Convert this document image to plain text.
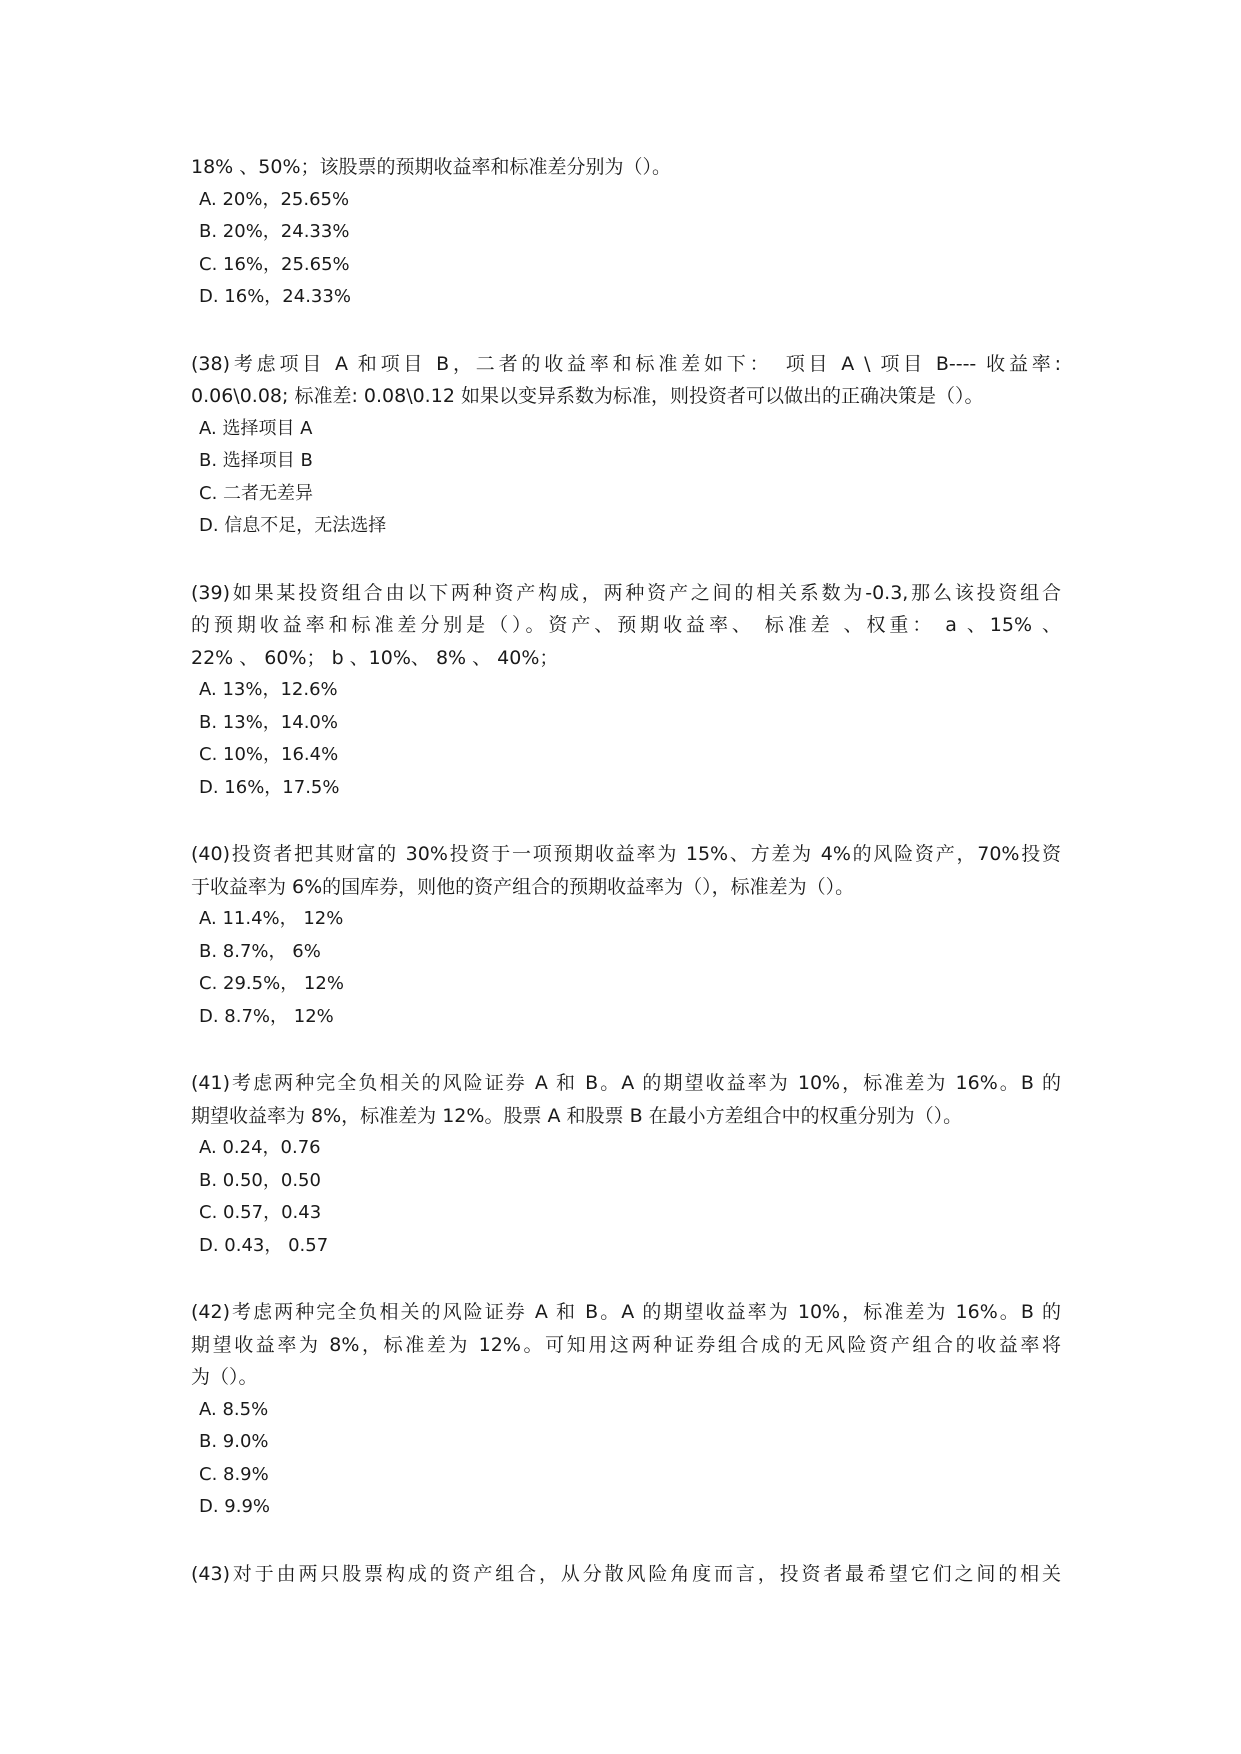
18% 、50%；该股票的预期收益率和标准差分别为（）。

A. 20%，25.65%
B. 20%，24.33%
C. 16%，25.65%
D. 16%，24.33%

(38)考虑项目 A 和项目 B，二者的收益率和标准差如下：　项目 A \ 项目 B---- 收益率:
0.06\0.08; 标准差: 0.08\0.12 如果以变异系数为标准，则投资者可以做出的正确决策是（）。

A. 选择项目 A
B. 选择项目 B
C. 二者无差异
D. 信息不足，无法选择

(39)如果某投资组合由以下两种资产构成，两种资产之间的相关系数为-0.3,那么该投资组合
的预期收益率和标准差分别是（）。资产、预期收益率、 标准差 、权重： a 、15% 、
22% 、 60%； b 、10%、 8% 、 40%；

A. 13%，12.6%
B. 13%，14.0%
C. 10%，16.4%
D. 16%，17.5%

(40)投资者把其财富的 30%投资于一项预期收益率为 15%、方差为 4%的风险资产，70%投资
于收益率为 6%的国库券，则他的资产组合的预期收益率为（），标准差为（）。

A. 11.4%， 12%
B. 8.7%， 6%
C. 29.5%， 12%
D. 8.7%， 12%

(41)考虑两种完全负相关的风险证券 A 和 B。A 的期望收益率为 10%，标准差为 16%。B 的
期望收益率为 8%，标准差为 12%。股票 A 和股票 B 在最小方差组合中的权重分别为（）。

A. 0.24，0.76
B. 0.50，0.50
C. 0.57，0.43
D. 0.43， 0.57

(42)考虑两种完全负相关的风险证券 A 和 B。A 的期望收益率为 10%，标准差为 16%。B 的
期望收益率为 8%，标准差为 12%。可知用这两种证券组合成的无风险资产组合的收益率将
为（）。

A. 8.5%
B. 9.0%
C. 8.9%
D. 9.9%

(43)对于由两只股票构成的资产组合，从分散风险角度而言，投资者最希望它们之间的相关
